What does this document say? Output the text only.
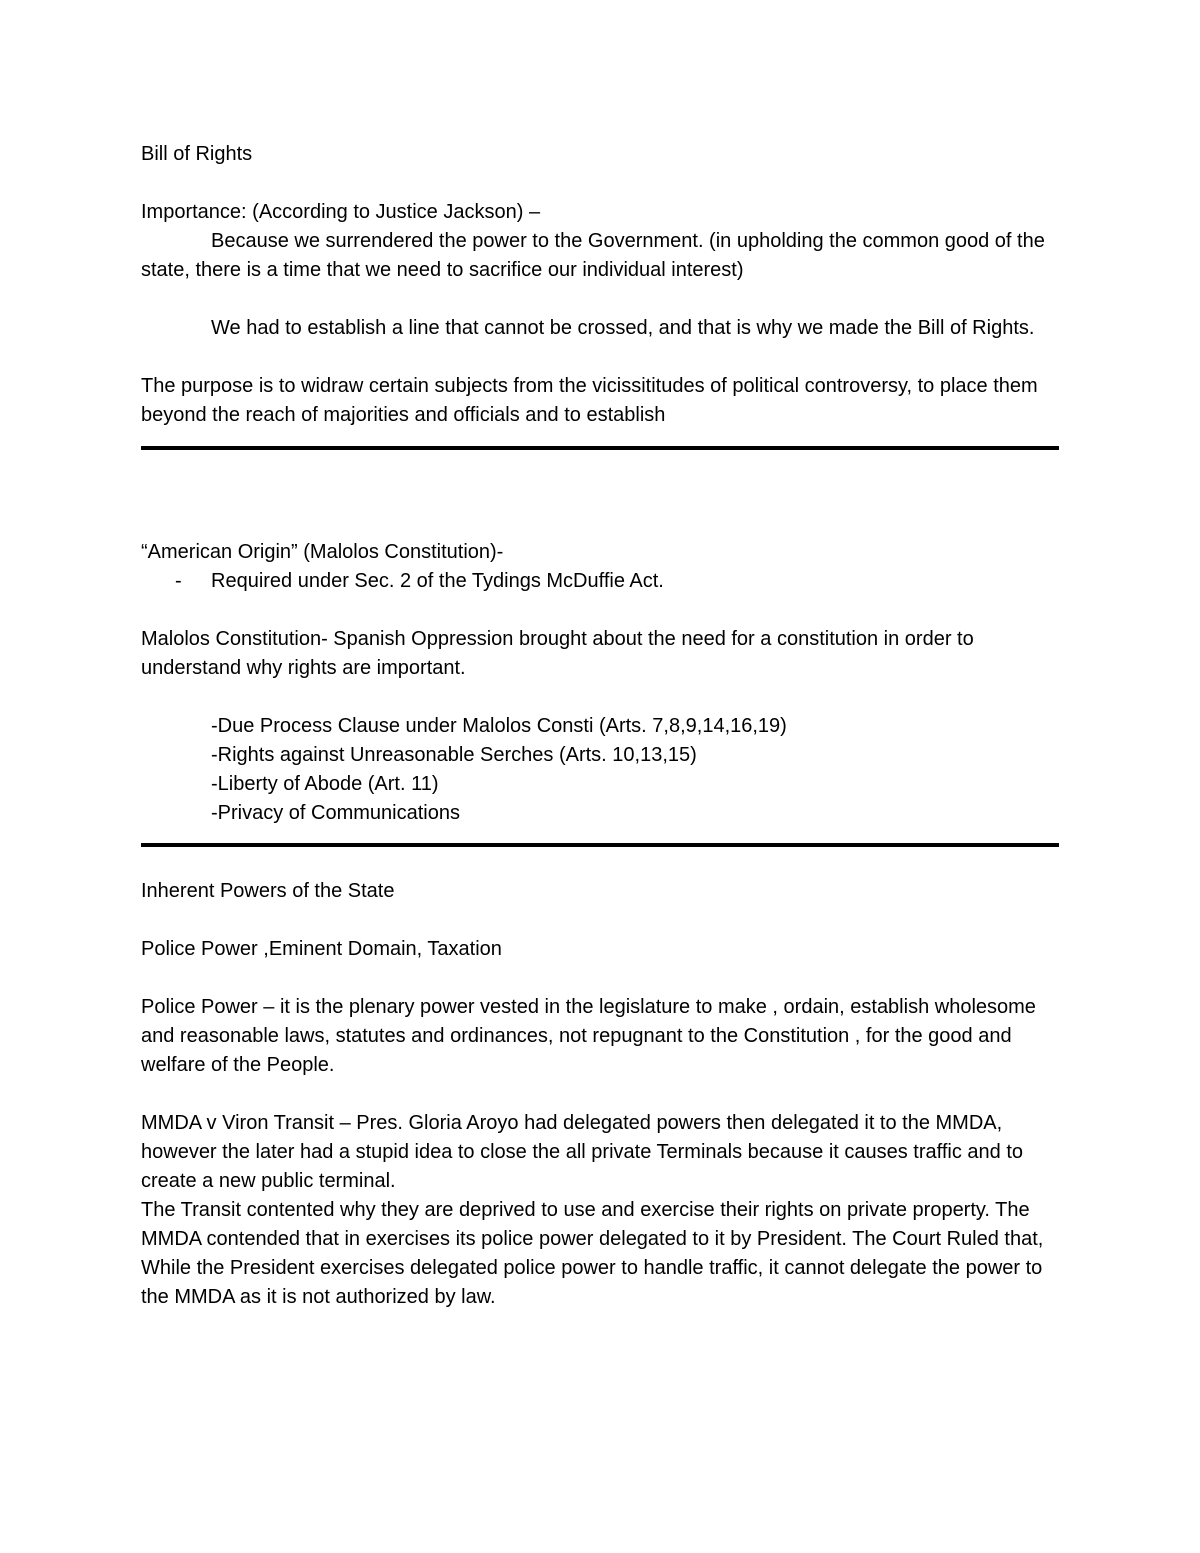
Bill of Rights

Importance: (According to Justice Jackson) –

Because we surrendered the power to the Government. (in upholding the common good of the state, there is a time that we need to sacrifice our individual interest)

We had to establish a line that cannot be crossed, and that is why we made the Bill of Rights.

The purpose is to widraw certain subjects from the vicissititudes of political controversy, to place them beyond the reach of majorities and officials and to establish

“American Origin” (Malolos Constitution)-

-	Required under Sec. 2 of the Tydings McDuffie Act.

Malolos Constitution- Spanish Oppression brought about the need for a constitution in order to understand why rights are important.

-Due Process Clause under Malolos Consti (Arts. 7,8,9,14,16,19)

-Rights against Unreasonable Serches (Arts. 10,13,15)

-Liberty of Abode (Art. 11)

-Privacy of Communications

Inherent Powers of the State

Police Power ,Eminent Domain, Taxation

Police Power – it is the plenary power vested in the legislature to make , ordain, establish wholesome and reasonable laws, statutes and ordinances, not repugnant to the Constitution , for the good and welfare of the People.

MMDA v Viron Transit – Pres. Gloria Aroyo had delegated powers then delegated it to the MMDA, however the later had a stupid idea to close the all private Terminals because it causes traffic and to create a new public terminal.

The Transit contented why they are deprived to use and exercise their rights on private property. The MMDA contended that in exercises its police power delegated to it by President. The Court Ruled that, While the President exercises delegated police power to handle traffic, it cannot delegate the power to the MMDA as it is not authorized by law.
